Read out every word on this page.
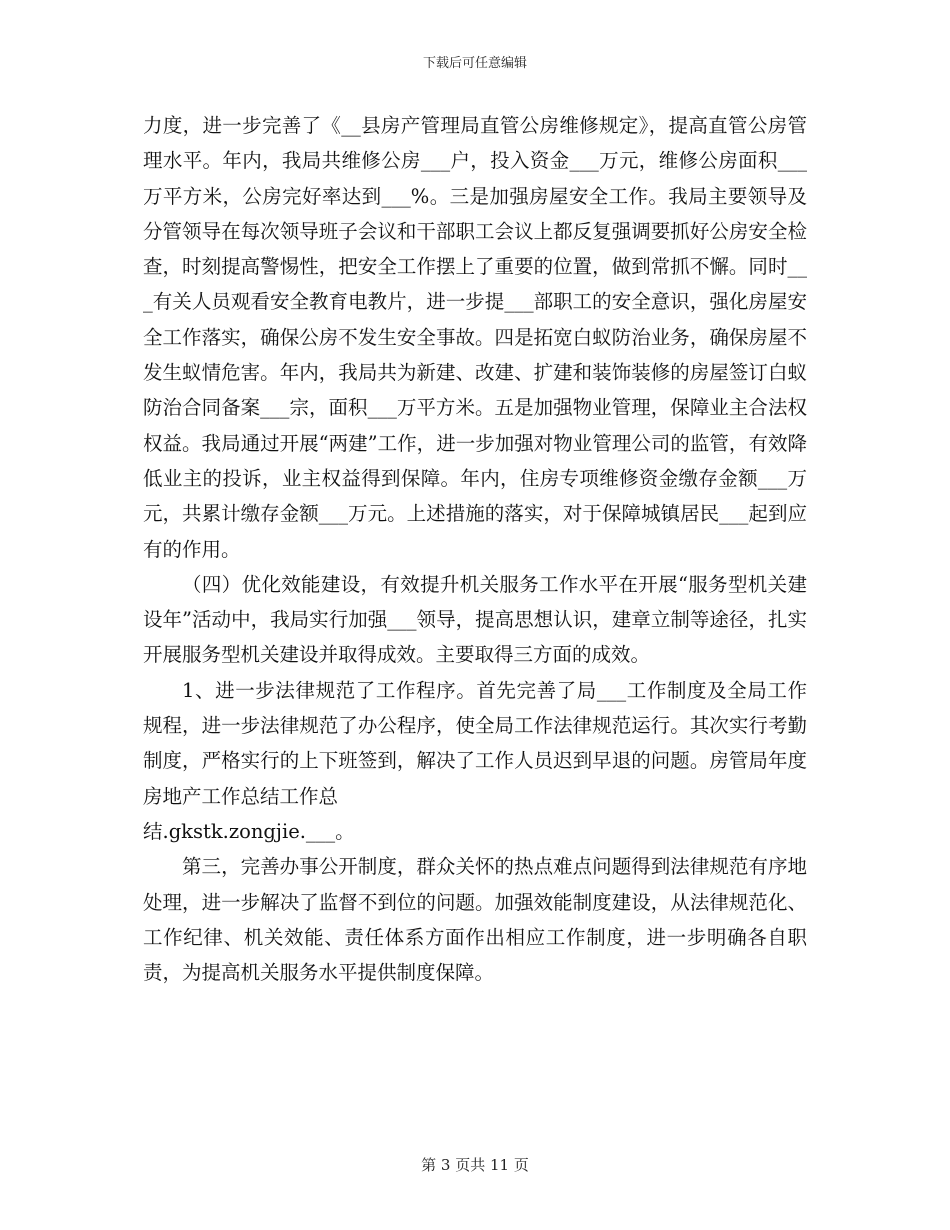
下载后可任意编辑

力度，进一步完善了《__县房产管理局直管公房维修规定》，提高直管公房管理水平。年内，我局共维修公房___户，投入资金___万元，维修公房面积___万平方米，公房完好率达到___%。三是加强房屋安全工作。我局主要领导及分管领导在每次领导班子会议和干部职工会议上都反复强调要抓好公房安全检查，时刻提高警惕性，把安全工作摆上了重要的位置，做到常抓不懈。同时___有关人员观看安全教育电教片，进一步提___部职工的安全意识，强化房屋安全工作落实，确保公房不发生安全事故。四是拓宽白蚁防治业务，确保房屋不发生蚁情危害。年内，我局共为新建、改建、扩建和装饰装修的房屋签订白蚁防治合同备案___宗，面积___万平方米。五是加强物业管理，保障业主合法权权益。我局通过开展“两建”工作，进一步加强对物业管理公司的监管，有效降低业主的投诉，业主权益得到保障。年内，住房专项维修资金缴存金额___万元，共累计缴存金额___万元。上述措施的落实，对于保障城镇居民___起到应有的作用。

（四）优化效能建设，有效提升机关服务工作水平在开展“服务型机关建设年”活动中，我局实行加强___领导，提高思想认识，建章立制等途径，扎实开展服务型机关建设并取得成效。主要取得三方面的成效。

1、进一步法律规范了工作程序。首先完善了局___工作制度及全局工作规程，进一步法律规范了办公程序，使全局工作法律规范运行。其次实行考勤制度，严格实行的上下班签到，解决了工作人员迟到早退的问题。房管局年度房地产工作总结工作总

结.gkstk.zongjie.___。

第三，完善办事公开制度，群众关怀的热点难点问题得到法律规范有序地处理，进一步解决了监督不到位的问题。加强效能制度建设，从法律规范化、工作纪律、机关效能、责任体系方面作出相应工作制度，进一步明确各自职责，为提高机关服务水平提供制度保障。

第 3 页共 11 页
